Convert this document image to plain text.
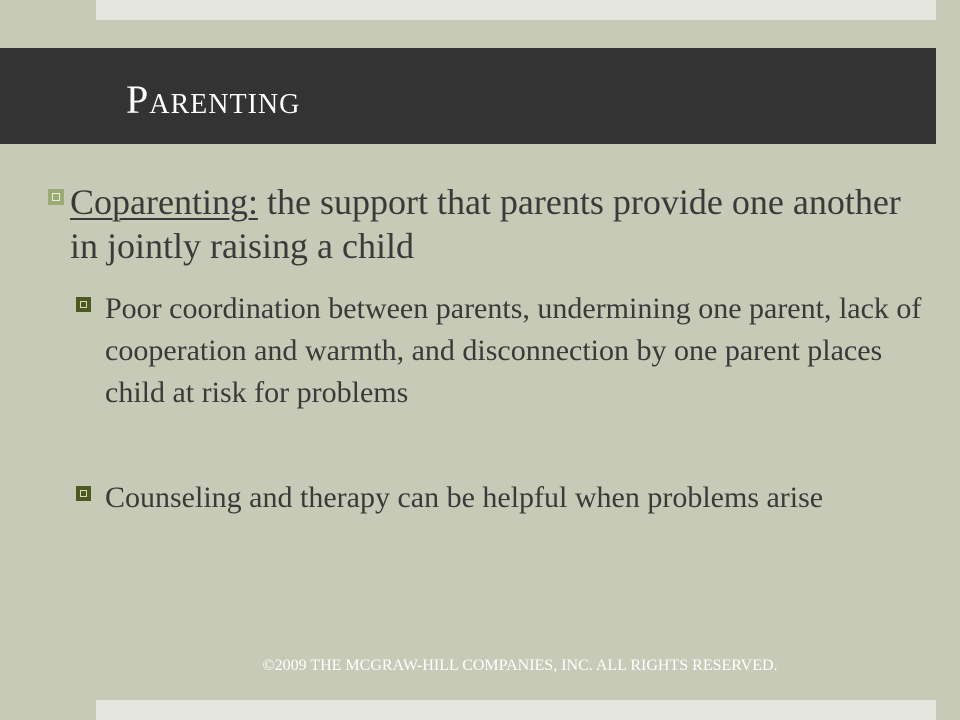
Parenting
Coparenting: the support that parents provide one another in jointly raising a child
Poor coordination between parents, undermining one parent, lack of cooperation and warmth, and disconnection by one parent places child at risk for problems
Counseling and therapy can be helpful when problems arise
©2009 THE MCGRAW-HILL COMPANIES, INC. ALL RIGHTS RESERVED.
